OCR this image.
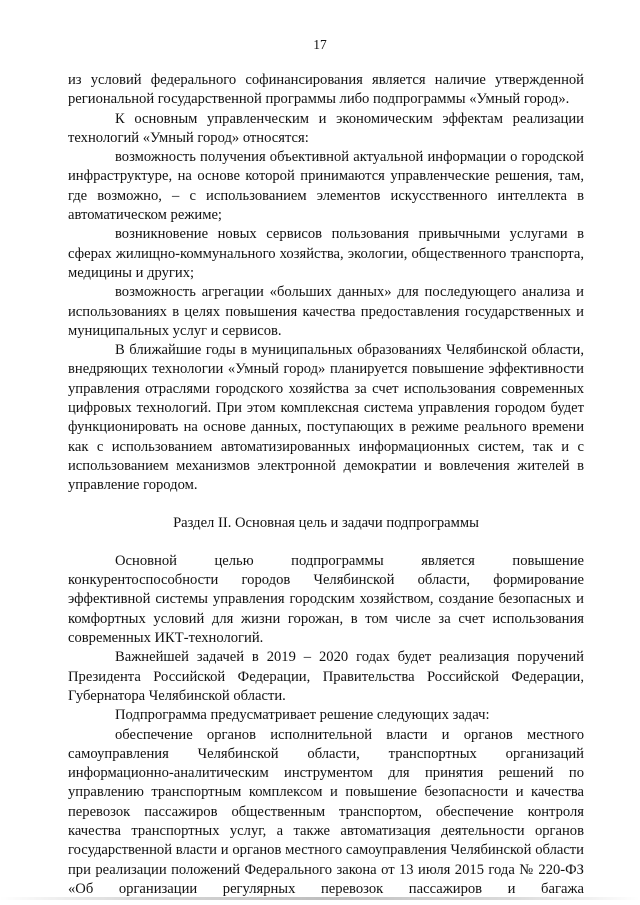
17

из условий федерального софинансирования является наличие утвержденной региональной государственной программы либо подпрограммы «Умный город».

К основным управленческим и экономическим эффектам реализации технологий «Умный город» относятся:

возможность получения объективной актуальной информации о городской инфраструктуре, на основе которой принимаются управленческие решения, там, где возможно, – с использованием элементов искусственного интеллекта в автоматическом режиме;

возникновение новых сервисов пользования привычными услугами в сферах жилищно-коммунального хозяйства, экологии, общественного транспорта, медицины и других;

возможность агрегации «больших данных» для последующего анализа и использованиях в целях повышения качества предоставления государственных и муниципальных услуг и сервисов.

В ближайшие годы в муниципальных образованиях Челябинской области, внедряющих технологии «Умный город» планируется повышение эффективности управления отраслями городского хозяйства за счет использования современных цифровых технологий. При этом комплексная система управления городом будет функционировать на основе данных, поступающих в режиме реального времени как с использованием автоматизированных информационных систем, так и с использованием механизмов электронной демократии и вовлечения жителей в управление городом.

Раздел II. Основная цель и задачи подпрограммы

Основной целью подпрограммы является повышение конкурентоспособности городов Челябинской области, формирование эффективной системы управления городским хозяйством, создание безопасных и комфортных условий для жизни горожан, в том числе за счет использования современных ИКТ-технологий.

Важнейшей задачей в 2019 – 2020 годах будет реализация поручений Президента Российской Федерации, Правительства Российской Федерации, Губернатора Челябинской области.

Подпрограмма предусматривает решение следующих задач:

обеспечение органов исполнительной власти и органов местного самоуправления Челябинской области, транспортных организаций информационно-аналитическим инструментом для принятия решений по управлению транспортным комплексом и повышение безопасности и качества перевозок пассажиров общественным транспортом, обеспечение контроля качества транспортных услуг, а также автоматизация деятельности органов государственной власти и органов местного самоуправления Челябинской области при реализации положений Федерального закона от 13 июля 2015 года № 220-ФЗ «Об организации регулярных перевозок пассажиров и багажа
